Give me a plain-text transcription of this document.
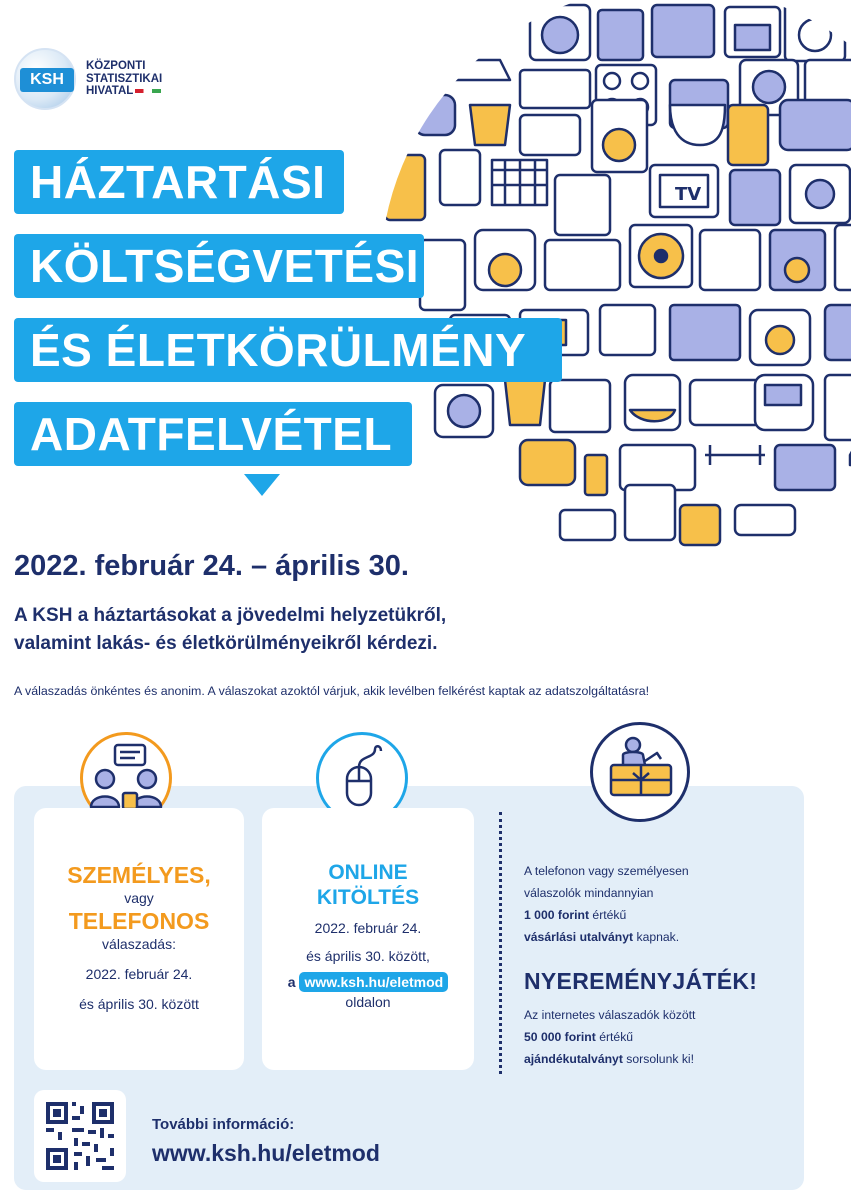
KSH
KÖZPONTI
STATISZTIKAI
HIVATAL
TV
HÁZTARTÁSI
KÖLTSÉGVETÉSI
ÉS ÉLETKÖRÜLMÉNY
ADATFELVÉTEL
2022. február 24. – április 30.
A KSH a háztartásokat a jövedelmi helyzetükről,
valamint lakás- és életkörülményeikről kérdezi.
A válaszadás önkéntes és anonim. A válaszokat azoktól várjuk, akik levélben felkérést kaptak az adatszolgáltatásra!
SZEMÉLYES,
vagy
TELEFONOS
válaszadás:
2022. február 24.
és április 30. között
ONLINE
KITÖLTÉS
2022. február 24.
és április 30. között,
a www.ksh.hu/eletmod
oldalon
A telefonon vagy személyesen
válaszolók mindannyian
1 000 forint értékű
vásárlási utalványt kapnak.
NYEREMÉNYJÁTÉK!
Az internetes válaszadók között
50 000 forint értékű
ajándékutalványt sorsolunk ki!
További információ:
www.ksh.hu/eletmod
